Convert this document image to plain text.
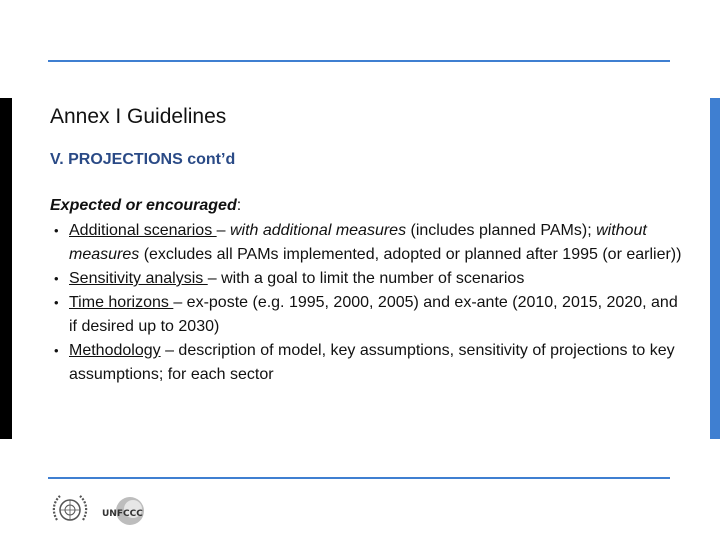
Annex I Guidelines
V. PROJECTIONS cont’d

Expected or encouraged:

• Additional scenarios – with additional measures (includes planned PAMs); without measures (excludes all PAMs implemented, adopted or planned after 1995 (or earlier))
• Sensitivity analysis – with a goal to limit the number of scenarios
• Time horizons – ex-poste (e.g. 1995, 2000, 2005) and ex-ante (2010, 2015, 2020, and if desired up to 2030)
• Methodology – description of model, key assumptions, sensitivity of projections to key assumptions; for each sector
UNFCCC
